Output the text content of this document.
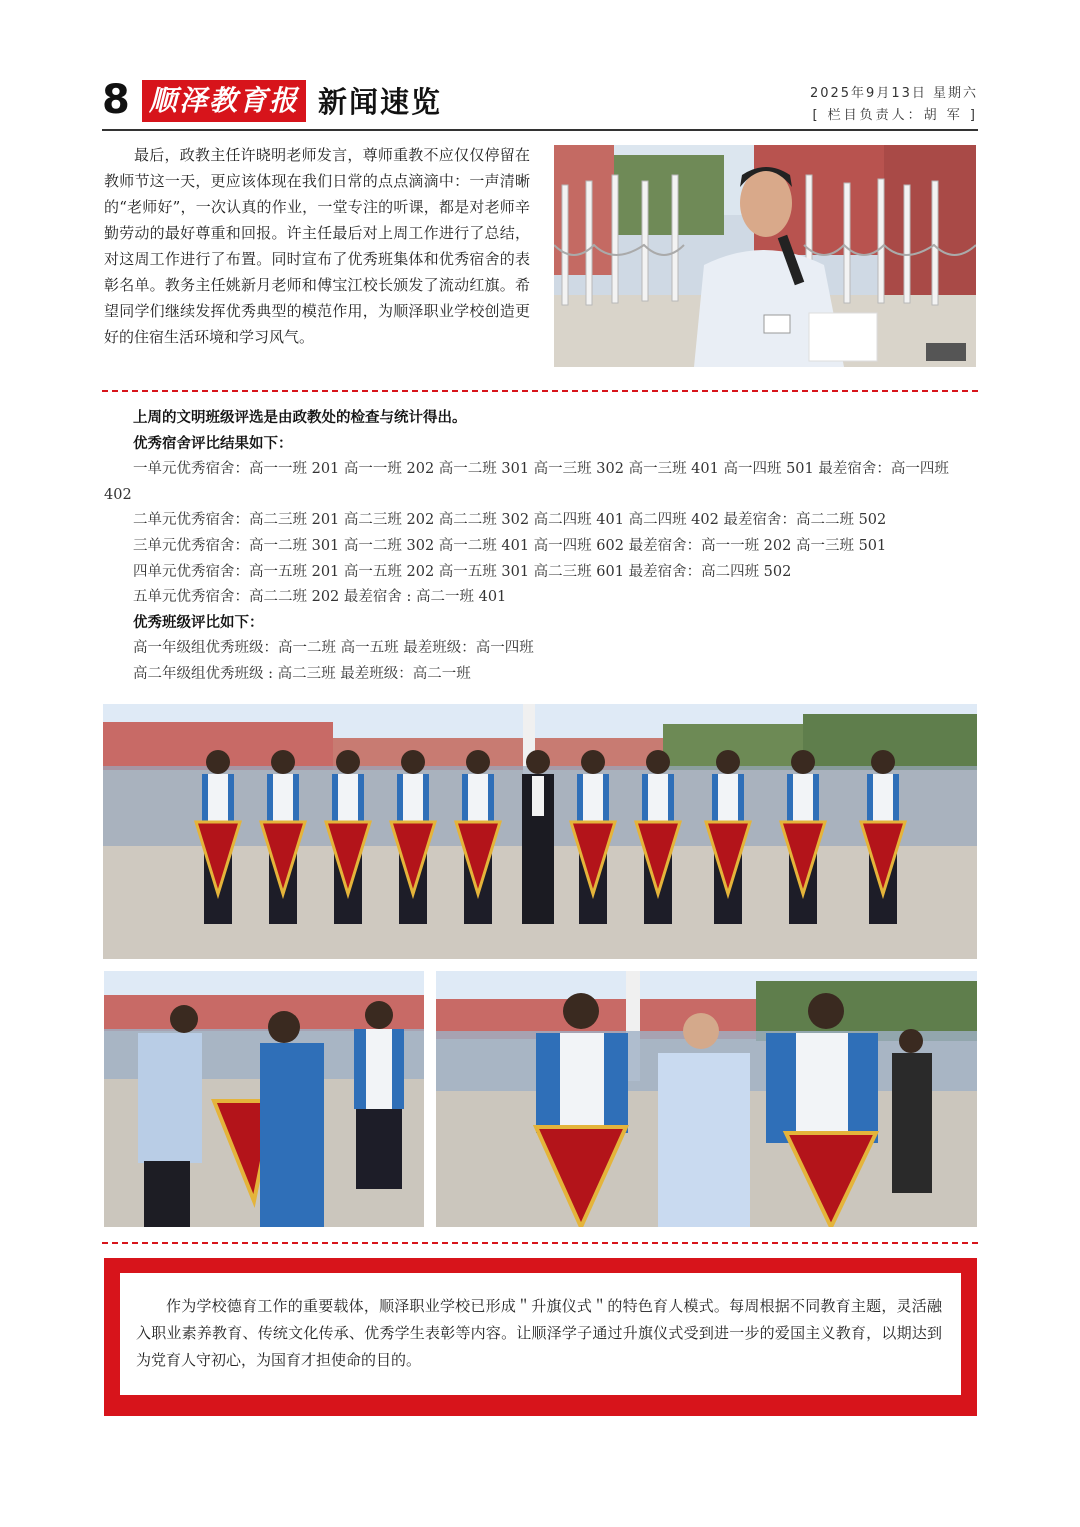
8 顺泽教育报 新闻速览	2025年9月13日 星期六
[ 栏目负责人：胡 军 ]

最后，政教主任许晓明老师发言，尊师重教不应仅仅停留在教师节这一天，更应该体现在我们日常的点点滴滴中：一声清晰的“老师好”，一次认真的作业，一堂专注的听课，都是对老师辛勤劳动的最好尊重和回报。许主任最后对上周工作进行了总结，对这周工作进行了布置。同时宣布了优秀班集体和优秀宿舍的表彰名单。教务主任姚新月老师和傅宝江校长颁发了流动红旗。希望同学们继续发挥优秀典型的模范作用，为顺泽职业学校创造更好的住宿生活环境和学习风气。

上周的文明班级评选是由政教处的检查与统计得出。
优秀宿舍评比结果如下：
一单元优秀宿舍：高一一班 201 高一一班 202 高一二班 301 高一三班 302 高一三班 401 高一四班 501 最差宿舍：高一四班 402
二单元优秀宿舍：高二三班 201 高二三班 202 高二二班 302 高二四班 401 高二四班 402 最差宿舍：高二二班 502
三单元优秀宿舍：高一二班 301 高一二班 302 高一二班 401 高一四班 602 最差宿舍：高一一班 202 高一三班 501
四单元优秀宿舍：高一五班 201 高一五班 202 高一五班 301 高二三班 601 最差宿舍：高二四班 502
五单元优秀宿舍：高二二班 202 最差宿舍 : 高二一班 401
优秀班级评比如下：
高一年级组优秀班级：高一二班 高一五班 最差班级：高一四班
高二年级组优秀班级 : 高二三班 最差班级：高二一班
作为学校德育工作的重要载体，顺泽职业学校已形成＂升旗仪式＂的特色育人模式。每周根据不同教育主题，灵活融入职业素养教育、传统文化传承、优秀学生表彰等内容。让顺泽学子通过升旗仪式受到进一步的爱国主义教育，以期达到为党育人守初心，为国育才担使命的目的。
